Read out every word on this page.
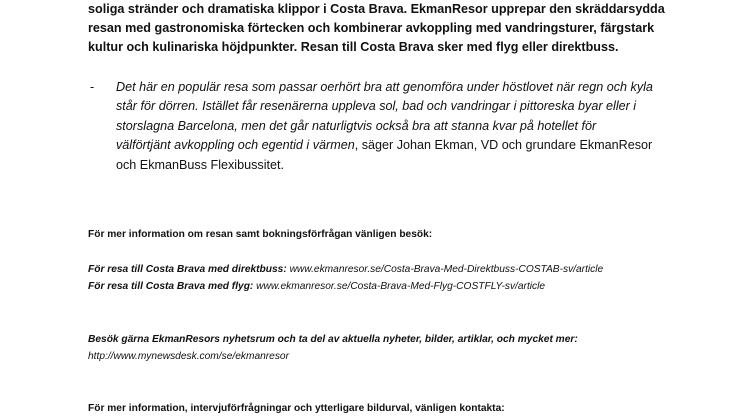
soliga stränder och dramatiska klippor i Costa Brava. EkmanResor upprepar den skräddarsydda
resan med gastronomiska förtecken och kombinerar avkoppling med vandringsturer, färgstark
kultur och kulinariska höjdpunkter. Resan till Costa Brava sker med flyg eller direktbuss.
- Det här en populär resa som passar oerhört bra att genomföra under höstlovet när regn och kyla
står för dörren. Istället får resenärerna uppleva sol, bad och vandringar i pittoreska byar eller i
storslagna Barcelona, men det går naturligtvis också bra att stanna kvar på hotellet för
välförtjänt avkoppling och egentid i värmen, säger Johan Ekman, VD och grundare EkmanResor
och EkmanBuss Flexibussitet.

För mer information om resan samt bokningsförfrågan vänligen besök:

För resa till Costa Brava med direktbuss: www.ekmanresor.se/Costa-Brava-Med-Direktbuss-COSTAB-sv/article

För resa till Costa Brava med flyg: www.ekmanresor.se/Costa-Brava-Med-Flyg-COSTFLY-sv/article

Besök gärna EkmanResors nyhetsrum och ta del av aktuella nyheter, bilder, artiklar, och mycket mer:

http://www.mynewsdesk.com/se/ekmanresor

För mer information, intervjuförfrågningar och ytterligare bildurval, vänligen kontakta:
